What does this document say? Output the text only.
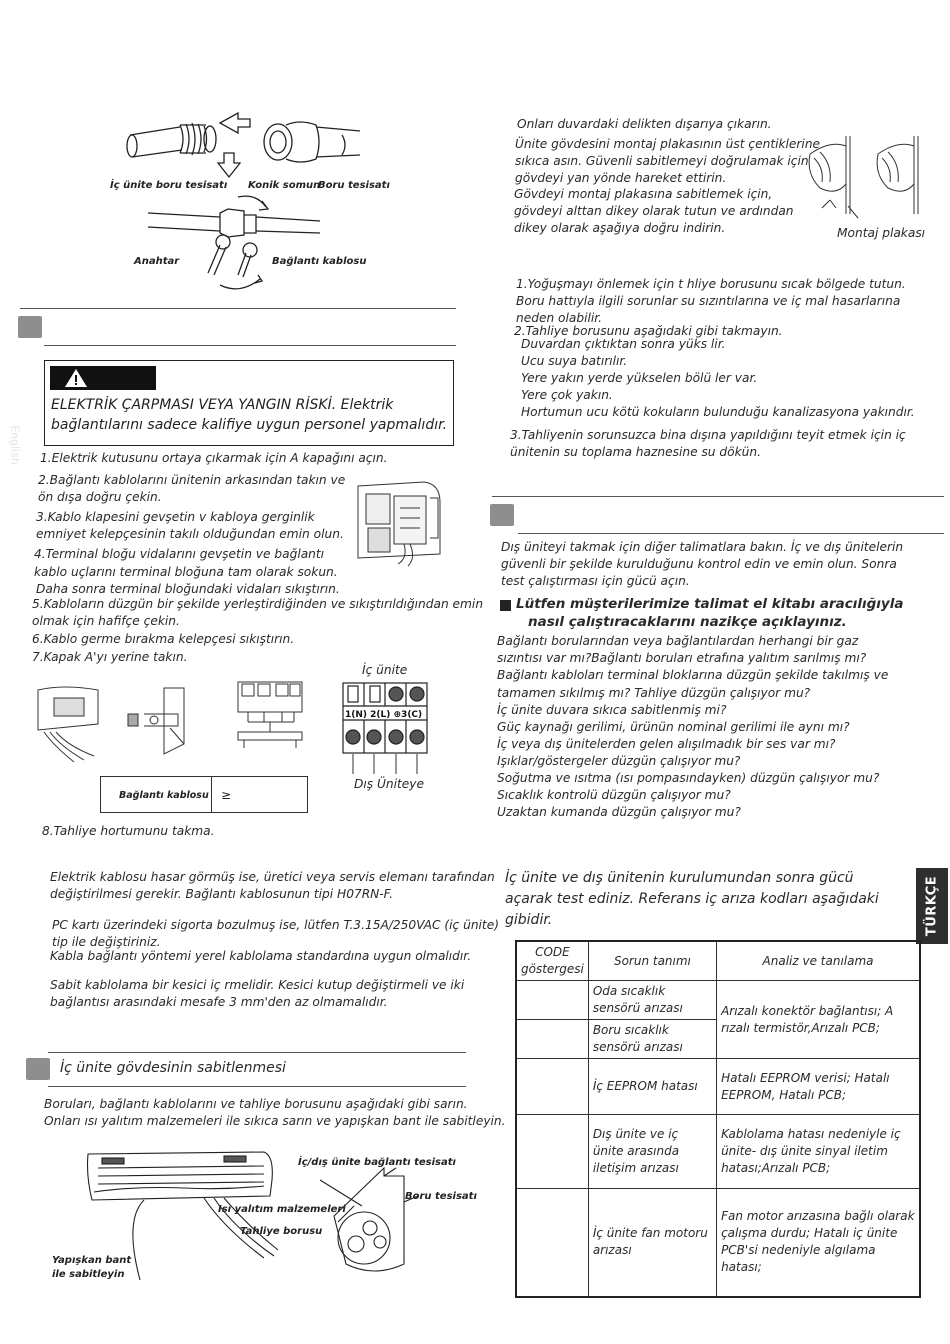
İç ünite boru tesisatı Konik somun
Boru tesisatı
Anahtar	Bağlantı kablosu
English
ELEKTRİK ÇARPMASI VEYA YANGIN RİSKİ. Elektrik
bağlantılarını sadece kalifiye uygun personel yapmalıdır.
1.Elektrik kutusunu ortaya çıkarmak için A kapağını açın.
2.Bağlantı kablolarını ünitenin arkasından takın ve
ön dışa doğru çekin.
3.Kablo klapesini gevşetin v kabloya gerginlik
emniyet kelepçesinin takılı olduğundan emin olun.
4.Terminal bloğu vidalarını gevşetin ve bağlantı
kablo uçlarını terminal bloğuna tam olarak sokun.
Daha sonra terminal bloğundaki vidaları sıkıştırın.
5.Kabloların düzgün bir şekilde yerleştirdiğinden ve sıkıştırıldığından emin
olmak için hafifçe çekin.
6.Kablo germe bırakma kelepçesi sıkıştırın.
7.Kapak A'yı yerine takın.
İç ünite
1(N) 2(L) ⊕3(C)
Dış Üniteye
Bağlantı kablosu ≥
8.Tahliye hortumunu takma.
Elektrik kablosu hasar görmüş ise, üretici veya servis elemanı tarafından
değiştirilmesi gerekir. Bağlantı kablosunun tipi H07RN-F.
PC kartı üzerindeki sigorta bozulmuş ise, lütfen T.3.15A/250VAC (iç ünite)
tip ile değiştiriniz.
Kabla bağlantı yöntemi yerel kablolama standardına uygun olmalıdır.
Sabit kablolama bir kesici iç rmelidir. Kesici kutup değiştirmeli ve iki
bağlantısı arasındaki mesafe 3 mm'den az olmamalıdır.
İç ünite gövdesinin sabitlenmesi
Boruları, bağlantı kablolarını ve tahliye borusunu aşağıdaki gibi sarın.
Onları ısı yalıtım malzemeleri ile sıkıca sarın ve yapışkan bant ile sabitleyin.
İç/dış ünite bağlantı tesisatı
Boru tesisatı
Isı yalıtım malzemeleri
Tahliye borusu
Yapışkan bant
ile sabitleyin
Onları duvardaki delikten dışarıya çıkarın.
Ünite gövdesini montaj plakasının üst çentiklerine
sıkıca asın. Güvenli sabitlemeyi doğrulamak için
gövdeyi yan yönde hareket ettirin.
Gövdeyi montaj plakasına sabitlemek için,
gövdeyi alttan dikey olarak tutun ve ardından
dikey olarak aşağıya doğru indirin.	Montaj plakası
1.Yoğuşmayı önlemek için t hliye borusunu sıcak bölgede tutun.
Boru hattıyla ilgili sorunlar su sızıntılarına ve iç mal hasarlarına
neden olabilir.
2.Tahliye borusunu aşağıdaki gibi takmayın.
Duvardan çıktıktan sonra yüks lir.
Ucu suya batırılır.
Yere yakın yerde yükselen bölü ler var.
Yere çok yakın.
Hortumun ucu kötü kokuların bulunduğu kanalizasyona yakındır.
3.Tahliyenin sorunsuzca bina dışına yapıldığını teyit etmek için iç
ünitenin su toplama haznesine su dökün.
Dış üniteyi takmak için diğer talimatlara bakın. İç ve dış ünitelerin
güvenli bir şekilde kurulduğunu kontrol edin ve emin olun. Sonra
test çalıştırması için gücü açın.
Lütfen müşterilerimize talimat el kitabı aracılığıyla
nasıl çalıştıracaklarını nazikçe açıklayınız.
Bağlantı borularından veya bağlantılardan herhangi bir gaz
sızıntısı var mı?Bağlantı boruları etrafına yalıtım sarılmış mı?
Bağlantı kabloları terminal bloklarına düzgün şekilde takılmış ve
tamamen sıkılmış mı? Tahliye düzgün çalışıyor mu?
İç ünite duvara sıkıca sabitlenmiş mi?
Güç kaynağı gerilimi, ürünün nominal gerilimi ile aynı mı?
İç veya dış ünitelerden gelen alışılmadık bir ses var mı?
Işıklar/göstergeler düzgün çalışıyor mu?
Soğutma ve ısıtma (ısı pompasındayken) düzgün çalışıyor mu?
Sıcaklık kontrolü düzgün çalışıyor mu?
Uzaktan kumanda düzgün çalışıyor mu?
İç ünite ve dış ünitenin kurulumundan sonra gücü
açarak test ediniz. Referans iç arıza kodları aşağıdaki
gibidir.	TÜRKÇE
CODE göstergesi	Sorun tanımı	Analiz ve tanılama
	Oda sıcaklık sensörü arızası	Arızalı konektör bağlantısı; A rızalı termistör,Arızalı PCB;
	Boru sıcaklık sensörü arızası	
	İç EEPROM hatası	Hatalı EEPROM verisi; Hatalı EEPROM, Hatalı PCB;
	Dış ünite ve iç ünite arasında iletişim arızası	Kablolama hatası nedeniyle iç ünite- dış ünite sinyal iletim hatası;Arızalı PCB;
	İç ünite fan motoru arızası	Fan motor arızasına bağlı olarak çalışma durdu; Hatalı iç ünite PCB'si nedeniyle algılama hatası;
